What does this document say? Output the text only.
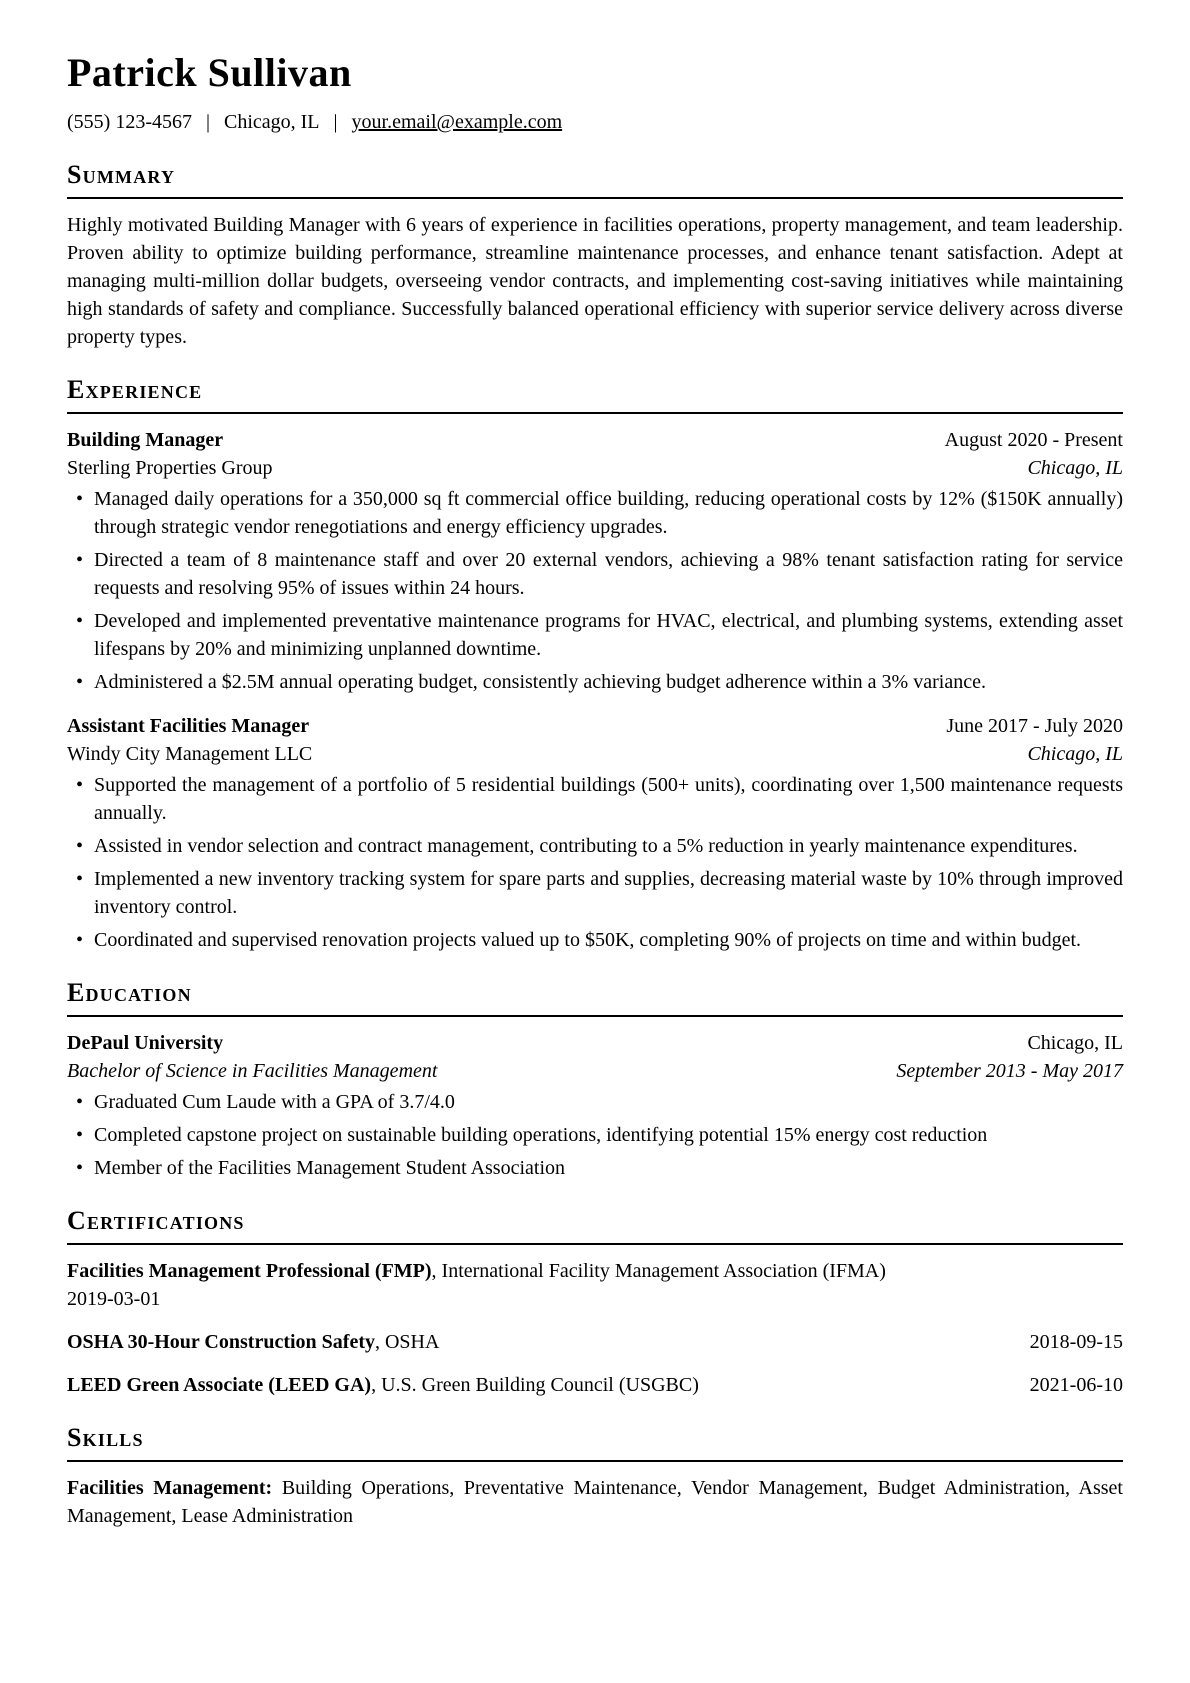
Patrick Sullivan
(555) 123-4567 | Chicago, IL | your.email@example.com
Summary

Highly motivated Building Manager with 6 years of experience in facilities operations, property management, and team leadership. Proven ability to optimize building performance, streamline maintenance processes, and enhance tenant satisfaction. Adept at managing multi-million dollar budgets, overseeing vendor contracts, and implementing cost-saving initiatives while maintaining high standards of safety and compliance. Successfully balanced operational efficiency with superior service delivery across diverse property types.

Experience
Building Manager	August 2020 - Present
Sterling Properties Group	Chicago, IL
• Managed daily operations for a 350,000 sq ft commercial office building, reducing operational costs by 12% ($150K annually) through strategic vendor renegotiations and energy efficiency upgrades.
• Directed a team of 8 maintenance staff and over 20 external vendors, achieving a 98% tenant satisfaction rating for service requests and resolving 95% of issues within 24 hours.
• Developed and implemented preventative maintenance programs for HVAC, electrical, and plumbing systems, extending asset lifespans by 20% and minimizing unplanned downtime.
• Administered a $2.5M annual operating budget, consistently achieving budget adherence within a 3% variance.
Assistant Facilities Manager	June 2017 - July 2020
Windy City Management LLC	Chicago, IL
• Supported the management of a portfolio of 5 residential buildings (500+ units), coordinating over 1,500 maintenance requests annually.
• Assisted in vendor selection and contract management, contributing to a 5% reduction in yearly maintenance expenditures.
• Implemented a new inventory tracking system for spare parts and supplies, decreasing material waste by 10% through improved inventory control.
• Coordinated and supervised renovation projects valued up to $50K, completing 90% of projects on time and within budget.
Education
DePaul University	Chicago, IL
Bachelor of Science in Facilities Management	September 2013 - May 2017
• Graduated Cum Laude with a GPA of 3.7/4.0
• Completed capstone project on sustainable building operations, identifying potential 15% energy cost reduction
• Member of the Facilities Management Student Association
Certifications
Facilities Management Professional (FMP), International Facility Management Association (IFMA)
2019-03-01
OSHA 30-Hour Construction Safety, OSHA	2018-09-15
LEED Green Associate (LEED GA), U.S. Green Building Council (USGBC)	2021-06-10
Skills

Facilities Management: Building Operations, Preventative Maintenance, Vendor Management, Budget Administration, Asset Management, Lease Administration
